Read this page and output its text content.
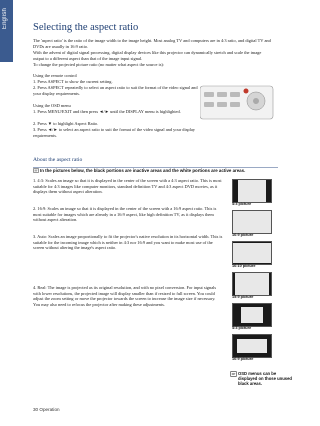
English Selecting the aspect ratio

The 'aspect ratio' is the ratio of the image width to the image height. Most analog TV and computers are in 4:3 ratio, and digital TV and DVDs are usually in 16:9 ratio.

With the advent of digital signal processing, digital display devices like this projector can dynamically stretch and scale the image output to a different aspect than that of the image input signal.

To change the projected picture ratio (no matter what aspect the source is):

Using the remote control

1. Press ASPECT to show the current setting.

2. Press ASPECT repeatedly to select an aspect ratio to suit the format of the video signal and your display requirements.

Using the OSD menu

1. Press MENU/EXIT and then press ◄/► until the DISPLAY menu is highlighted.

2. Press ▼ to highlight Aspect Ratio.

3. Press ◄/► to select an aspect ratio to suit the format of the video signal and your display requirements.

About the aspect ratio
In the pictures below, the black portions are inactive areas and the white portions are active areas.

1. 4:3: Scales an image so that it is displayed in the center of the screen with a 4:3 aspect ratio. This is most suitable for 4:3 images like computer monitors, standard definition TV and 4:3 aspect DVD movies, as it displays them without aspect alteration.

2. 16:9: Scales an image so that it is displayed in the center of the screen with a 16:9 aspect ratio. This is most suitable for images which are already in a 16:9 aspect, like high definition TV, as it displays them without aspect alteration.

3. Auto: Scales an image proportionally to fit the projector's native resolution in its horizontal width. This is suitable for the incoming image which is neither in 4:3 nor 16:9 and you want to make most use of the screen without altering the image's aspect ratio.

4. Real: The image is projected as its original resolution, and with no pixel conversion. For input signals with lower resolutions, the projected image will display smaller than if resized to full screen. You could adjust the zoom setting or move the projector towards the screen to increase the image size if necessary. You may also need to refocus the projector after making these adjustments.

4:3 picture
16:9 picture
16:10 picture
15:9 picture
4:3 picture
16:9 picture
OSD menus can be displayed on those unused black areas.
30 Operation
